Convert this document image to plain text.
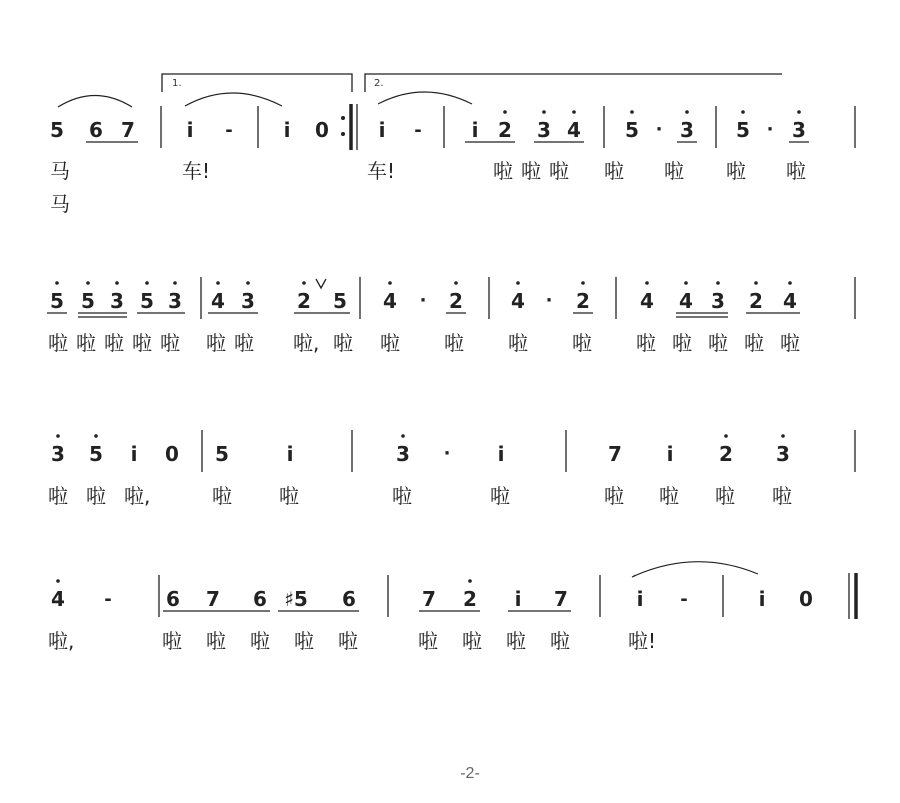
1.	2.
5 6 7	i -	i 0 i - i 2 3 4 5 · 3 5 · 3
马
马
车!	车!	啦 啦 啦 啦 啦 啦 啦
5 5 3 5 3 4 3 2 5 4 · 2 4 · 2	4 4 3 2 4
啦 啦 啦 啦 啦 啦 啦 啦, 啦 啦 啦 啦 啦 啦 啦 啦 啦 啦
3 5 i 0 5	i	3 · i	7 i 2 3
啦 啦 啦,	啦 啦	啦	啦	啦 啦 啦 啦
4 -	6 7 6 ♯5 6	7 2 i 7	i -	i 0
啦,	啦 啦 啦 啦 啦	啦 啦 啦 啦	啦!
-2-
